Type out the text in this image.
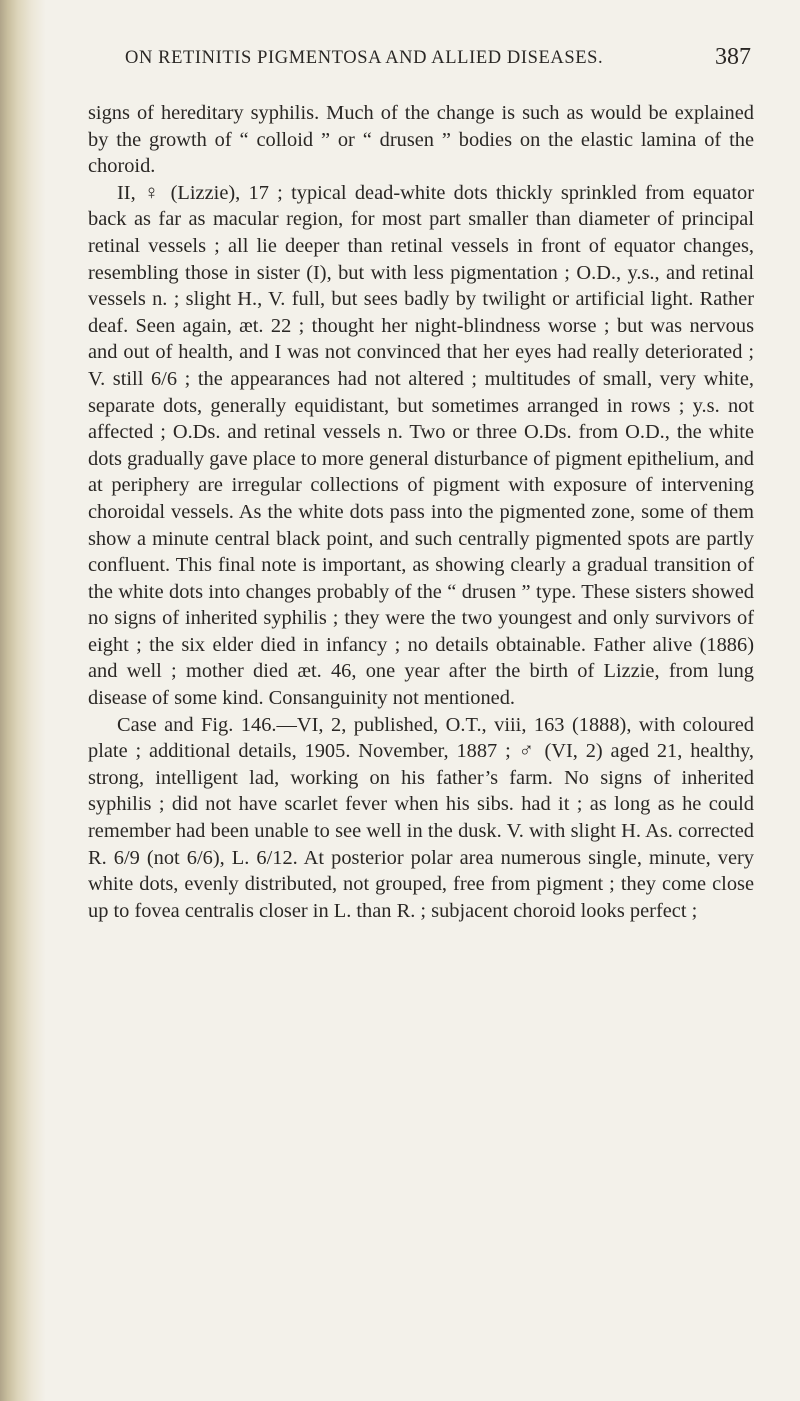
ON RETINITIS PIGMENTOSA AND ALLIED DISEASES.	387

signs of hereditary syphilis. Much of the change is such as would be explained by the growth of “ colloid ” or “ drusen ” bodies on the elastic lamina of the choroid.

II, ♀ (Lizzie), 17 ; typical dead-white dots thickly sprinkled from equator back as far as macular region, for most part smaller than diameter of principal retinal vessels ; all lie deeper than retinal vessels in front of equator changes, resembling those in sister (I), but with less pigmentation ; O.D., y.s., and retinal vessels n. ; slight H., V. full, but sees badly by twilight or artificial light. Rather deaf. Seen again, æt. 22 ; thought her night-blindness worse ; but was nervous and out of health, and I was not convinced that her eyes had really deteriorated ; V. still 6/6 ; the appearances had not altered ; multitudes of small, very white, separate dots, generally equidistant, but sometimes arranged in rows ; y.s. not affected ; O.Ds. and retinal vessels n. Two or three O.Ds. from O.D., the white dots gradually gave place to more general disturbance of pigment epithelium, and at periphery are irregular collections of pigment with exposure of intervening choroidal vessels. As the white dots pass into the pigmented zone, some of them show a minute central black point, and such centrally pigmented spots are partly confluent. This final note is important, as showing clearly a gradual transition of the white dots into changes probably of the “ drusen ” type. These sisters showed no signs of inherited syphilis ; they were the two youngest and only survivors of eight ; the six elder died in infancy ; no details obtainable. Father alive (1886) and well ; mother died æt. 46, one year after the birth of Lizzie, from lung disease of some kind. Consanguinity not mentioned.

Case and Fig. 146.—VI, 2, published, O.T., viii, 163 (1888), with coloured plate ; additional details, 1905. November, 1887 ; ♂ (VI, 2) aged 21, healthy, strong, intelligent lad, working on his father’s farm. No signs of inherited syphilis ; did not have scarlet fever when his sibs. had it ; as long as he could remember had been unable to see well in the dusk. V. with slight H. As. corrected R. 6/9 (not 6/6), L. 6/12. At posterior polar area numerous single, minute, very white dots, evenly distributed, not grouped, free from pigment ; they come close up to fovea centralis closer in L. than R. ; subjacent choroid looks perfect ;
